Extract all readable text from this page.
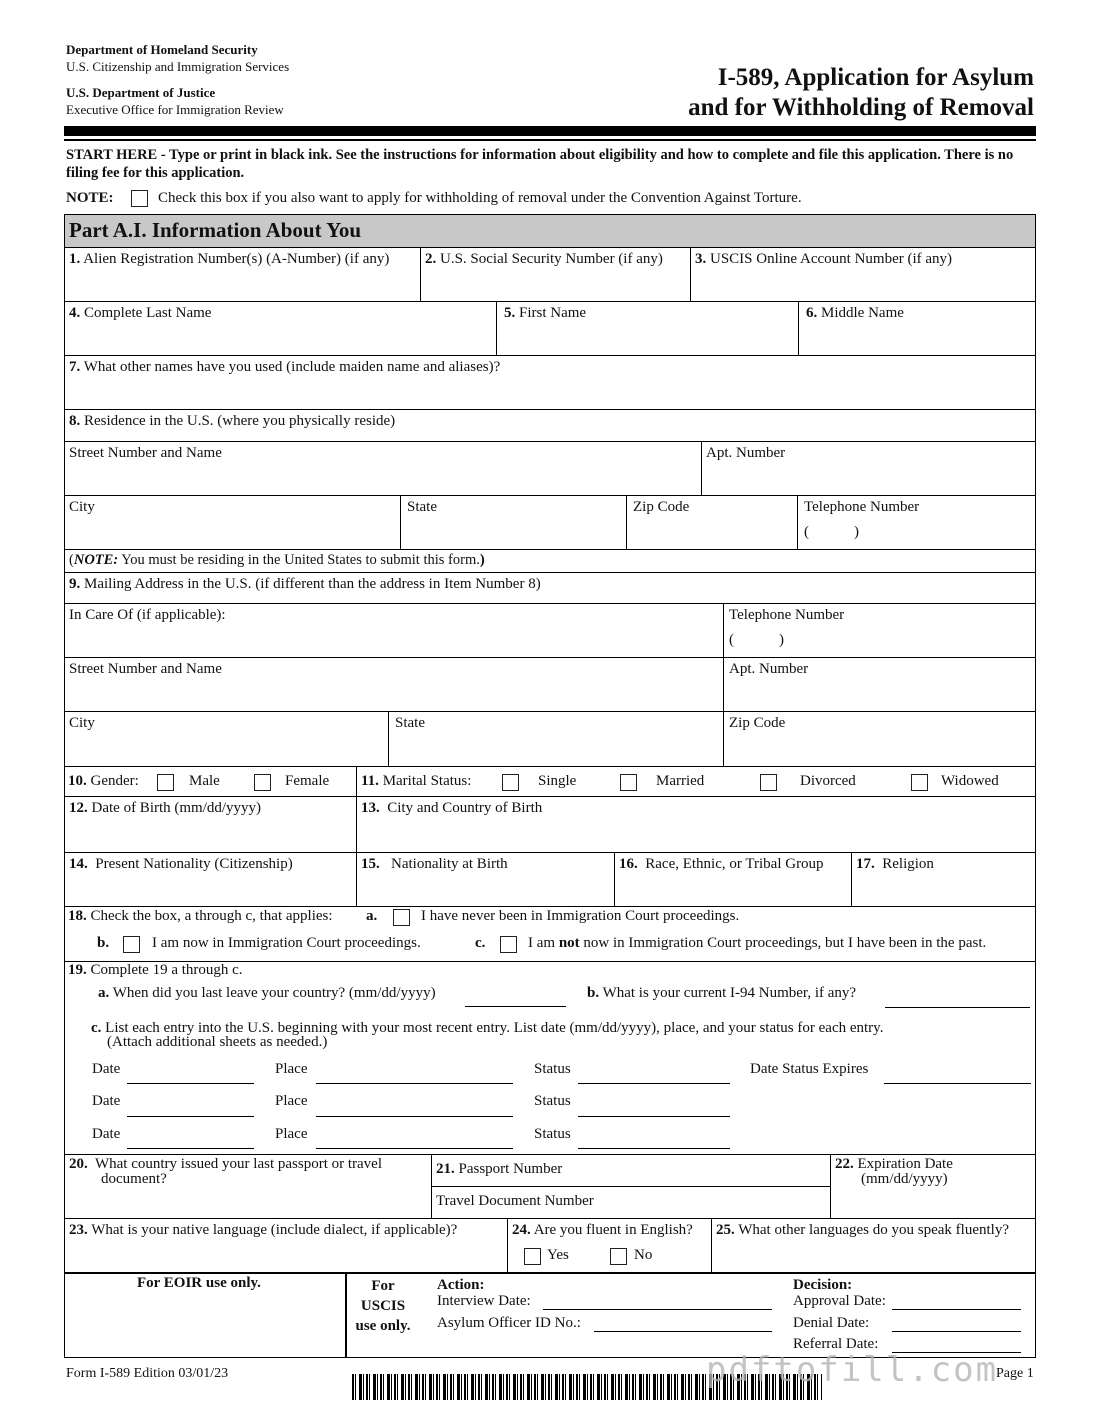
Department of Homeland Security
U.S. Citizenship and Immigration Services
U.S. Department of Justice
Executive Office for Immigration Review
I-589, Application for Asylum
and for Withholding of Removal
START HERE - Type or print in black ink. See the instructions for information about eligibility and how to complete and file this application. There is no filing fee for this application.
NOTE:	Check this box if you also want to apply for withholding of removal under the Convention Against Torture.
Part A.I. Information About You
1. Alien Registration Number(s) (A-Number) (if any)	2. U.S. Social Security Number (if any)	3. USCIS Online Account Number (if any)
4. Complete Last Name	5. First Name	6. Middle Name
7. What other names have you used (include maiden name and aliases)?
8. Residence in the U.S. (where you physically reside)
Street Number and Name	Apt. Number
City	State	Zip Code	Telephone Number
(            )
(NOTE: You must be residing in the United States to submit this form.)
9. Mailing Address in the U.S. (if different than the address in Item Number 8)
In Care Of (if applicable):	Telephone Number
(            )
Street Number and Name	Apt. Number
City	State	Zip Code
10. Gender:	Male	Female 11. Marital Status:	Single	Married	Divorced	Widowed
12. Date of Birth (mm/dd/yyyy)	13. City and Country of Birth
14. Present Nationality (Citizenship)	15. Nationality at Birth	16. Race, Ethnic, or Tribal Group	17. Religion
18. Check the box, a through c, that applies: a.	I have never been in Immigration Court proceedings.
b.	I am now in Immigration Court proceedings.	c.	I am not now in Immigration Court proceedings, but I have been in the past.
19. Complete 19 a through c.
a. When did you last leave your country? (mm/dd/yyyy)	b. What is your current I-94 Number, if any?
c. List each entry into the U.S. beginning with your most recent entry. List date (mm/dd/yyyy), place, and your status for each entry.
(Attach additional sheets as needed.)
Date	Place	Status	Date Status Expires
Date	Place	Status
Date	Place	Status
20. What country issued your last passport or travel
document?
21. Passport Number
Travel Document Number
22. Expiration Date
(mm/dd/yyyy)
23. What is your native language (include dialect, if applicable)?	24. Are you fluent in English?
Yes	No
25. What other languages do you speak fluently?
For EOIR use only.	For
USCIS
use only.
Action:
Interview Date:
Asylum Officer ID No.:
Decision:
Approval Date:
Denial Date:
Referral Date:
Form I-589 Edition 03/01/23	Page 1
pdftofill.com
